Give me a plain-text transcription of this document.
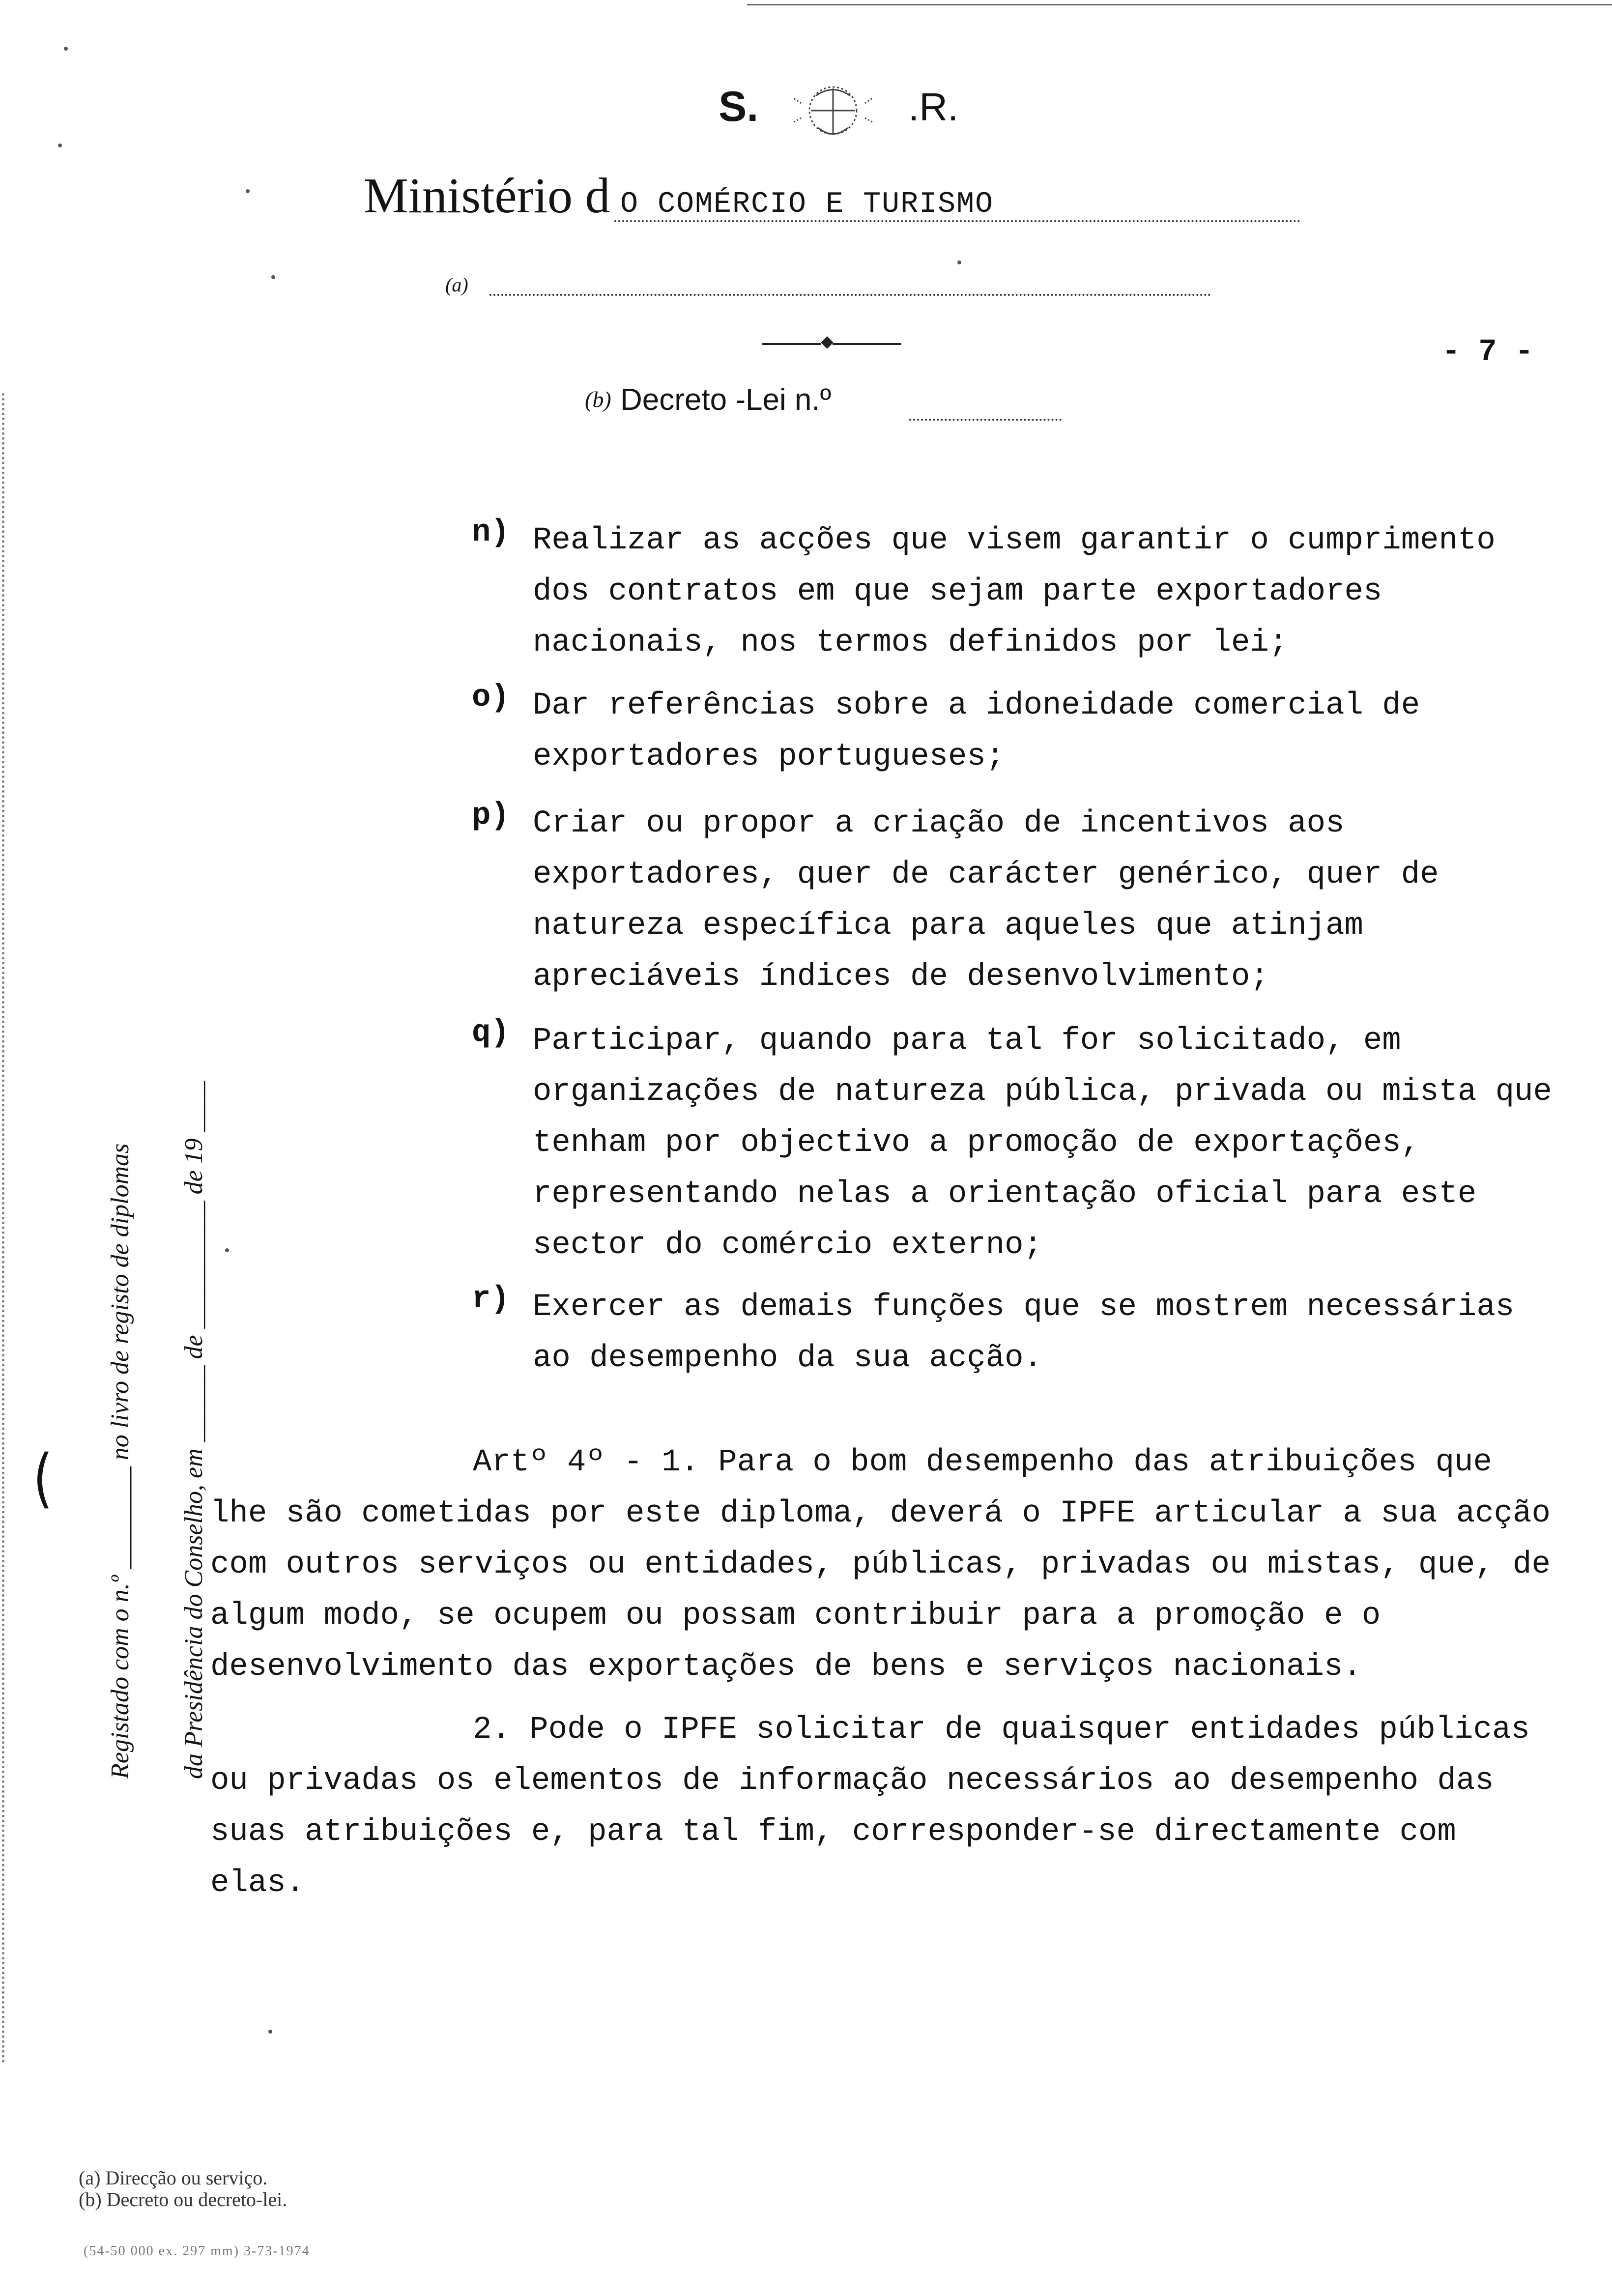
S.	.R.
Ministério d O COMÉRCIO E TURISMO
(a)
- 7 -
(b) Decreto -Lei n.º
n) Realizar as acções que visem garantir o cumprimento dos contratos em que sejam parte exportadores nacionais, nos termos definidos por lei;
o) Dar referências sobre a idoneidade comercial de exportadores portugueses;
p) Criar ou propor a criação de incentivos aos exportadores, quer de carácter genérico, quer de natureza específica para aqueles que atinjam apreciáveis índices de desenvolvimento;
q) Participar, quando para tal for solicitado, em organizações de natureza pública, privada ou mista que tenham por objectivo a promoção de exportações, representando nelas a orientação oficial para este sector do comércio externo;
r) Exercer as demais funções que se mostrem necessárias ao desempenho da sua acção.
Artº 4º - 1. Para o bom desempenho das atribuições que lhe são cometidas por este diploma, deverá o IPFE articular a sua acção com outros serviços ou entidades, públicas, privadas ou mistas, que, de algum modo, se ocupem ou possam contribuir para a promoção e o desenvolvimento das exportações de bens e serviços nacionais.
2. Pode o IPFE solicitar de quaisquer entidades públicas ou privadas os elementos de informação necessários ao desempenho das suas atribuições e, para tal fim, corresponder-se directamente com elas.
⁀
Registado com o n.º ________ no livro de registo de diplomas	da Presidência do Conselho, em ______ de __________ de 19 ____
(a) Direcção ou serviço.
(b) Decreto ou decreto-lei.
(54-50 000 ex. 297 mm) 3-73-1974
